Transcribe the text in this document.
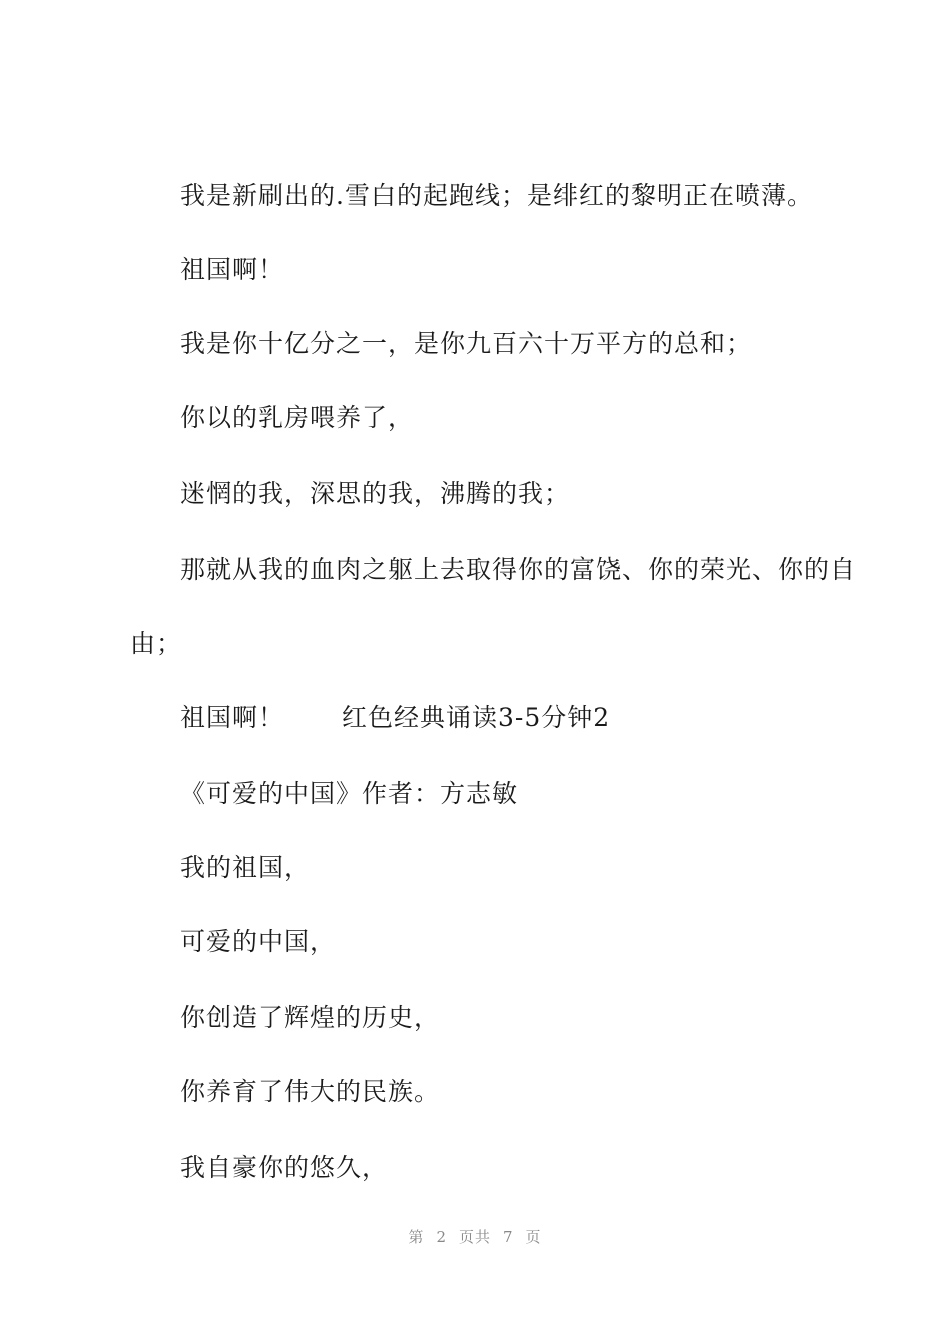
我是新刷出的.雪白的起跑线；是绯红的黎明正在喷薄。
祖国啊！
我是你十亿分之一，是你九百六十万平方的总和；
你以的乳房喂养了，
迷惘的我，深思的我，沸腾的我；
那就从我的血肉之躯上去取得你的富饶、你的荣光、你的自
由；
祖国啊！ 红色经典诵读3-5分钟2
《可爱的中国》作者：方志敏
我的祖国，
可爱的中国，
你创造了辉煌的历史，
你养育了伟大的民族。
我自豪你的悠久，
第 2 页共 7 页
